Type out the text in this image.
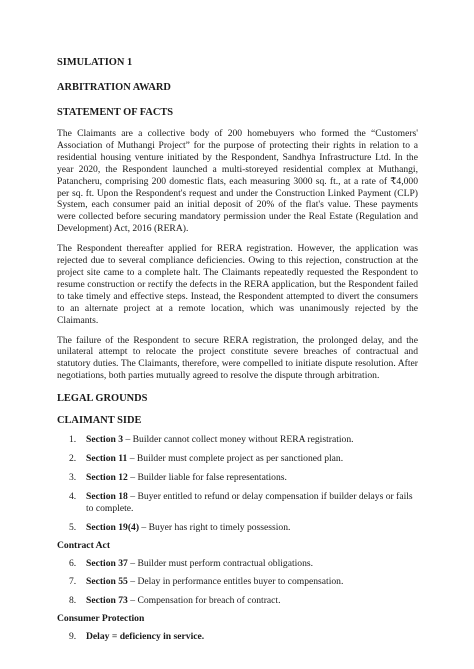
SIMULATION 1

ARBITRATION AWARD

STATEMENT OF FACTS

The Claimants are a collective body of 200 homebuyers who formed the “Customers' Association of Muthangi Project” for the purpose of protecting their rights in relation to a residential housing venture initiated by the Respondent, Sandhya Infrastructure Ltd. In the year 2020, the Respondent launched a multi-storeyed residential complex at Muthangi, Patancheru, comprising 200 domestic flats, each measuring 3000 sq. ft., at a rate of ₹4,000 per sq. ft. Upon the Respondent's request and under the Construction Linked Payment (CLP) System, each consumer paid an initial deposit of 20% of the flat's value. These payments were collected before securing mandatory permission under the Real Estate (Regulation and Development) Act, 2016 (RERA).

The Respondent thereafter applied for RERA registration. However, the application was rejected due to several compliance deficiencies. Owing to this rejection, construction at the project site came to a complete halt. The Claimants repeatedly requested the Respondent to resume construction or rectify the defects in the RERA application, but the Respondent failed to take timely and effective steps. Instead, the Respondent attempted to divert the consumers to an alternate project at a remote location, which was unanimously rejected by the Claimants.

The failure of the Respondent to secure RERA registration, the prolonged delay, and the unilateral attempt to relocate the project constitute severe breaches of contractual and statutory duties. The Claimants, therefore, were compelled to initiate dispute resolution. After negotiations, both parties mutually agreed to resolve the dispute through arbitration.

LEGAL GROUNDS

CLAIMANT SIDE

1. Section 3 – Builder cannot collect money without RERA registration.
2. Section 11 – Builder must complete project as per sanctioned plan.
3. Section 12 – Builder liable for false representations.
4. Section 18 – Buyer entitled to refund or delay compensation if builder delays or fails to complete.
5. Section 19(4) – Buyer has right to timely possession.

Contract Act

6. Section 37 – Builder must perform contractual obligations.
7. Section 55 – Delay in performance entitles buyer to compensation.
8. Section 73 – Compensation for breach of contract.

Consumer Protection

9. Delay = deficiency in service.
